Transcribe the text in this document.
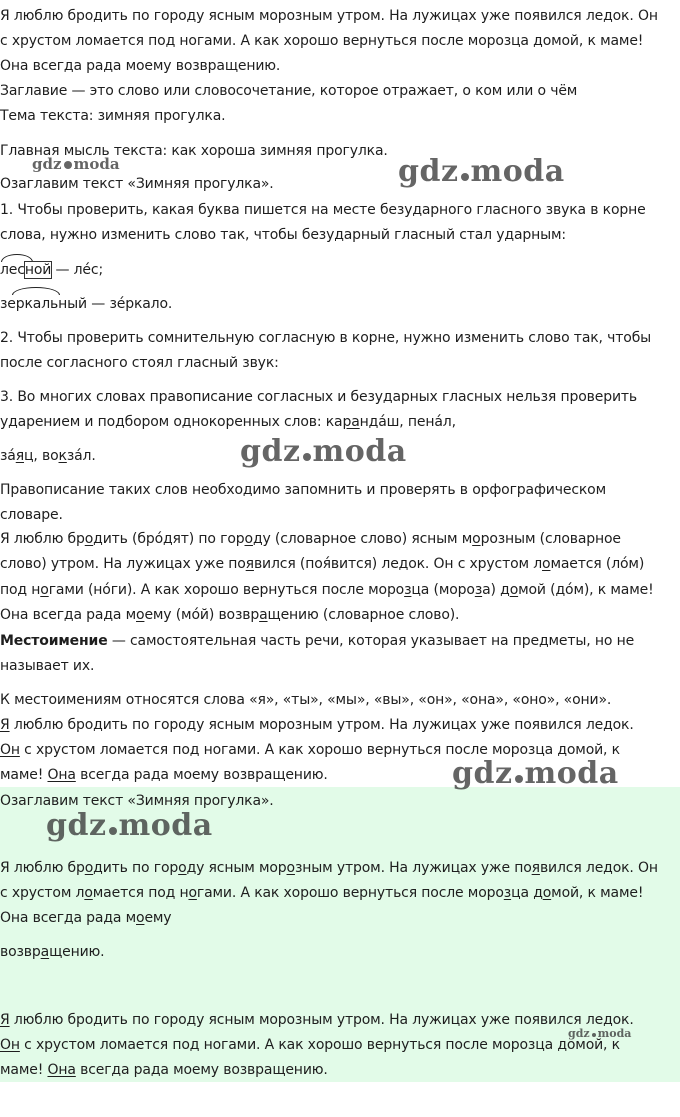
gdz moda	gdz moda
gdz moda
gdz moda
gdz moda
gdz moda
Я люблю бродить по городу ясным морозным утром. На лужицах уже появился ледок. Он
с хрустом ломается под ногами. А как хорошо вернуться после морозца домой, к маме!
Она всегда рада моему возвращению.
Заглавие — это слово или словосочетание, которое отражает, о ком или о чём
Тема текста: зимняя прогулка.
Главная мысль текста: как хороша зимняя прогулка.
Озаглавим текст «Зимняя прогулка».
1. Чтобы проверить, какая буква пишется на месте безударного гласного звука в корне
слова, нужно изменить слово так, чтобы безударный гласный стал ударным:
лесной — ле́с;
зеркальный — зе́ркало.
2. Чтобы проверить сомнительную согласную в корне, нужно изменить слово так, чтобы
после согласного стоял гласный звук:
3. Во многих словах правописание согласных и безударных гласных нельзя проверить
ударением и подбором однокоренных слов: каранда́ш, пена́л,
за́яц, вокза́л.
Правописание таких слов необходимо запомнить и проверять в орфографическом
словаре.
Я люблю бродить (бро́дят) по городу (словарное слово) ясным морозным (словарное
слово) утром. На лужицах уже появился (поя́вится) ледок. Он с хрустом ломается (ло́м)
под ногами (но́ги). А как хорошо вернуться после морозца (мороза) домой (до́м), к маме!
Она всегда рада моему (мо́й) возвращению (словарное слово).
Местоимение — самостоятельная часть речи, которая указывает на предметы, но не
называет их.
К местоимениям относятся слова «я», «ты», «мы», «вы», «он», «она», «оно», «они».
Я люблю бродить по городу ясным морозным утром. На лужицах уже появился ледок.
Он с хрустом ломается под ногами. А как хорошо вернуться после морозца домой, к
маме! Она всегда рада моему возвращению.
Озаглавим текст «Зимняя прогулка».
Я люблю бродить по городу ясным морозным утром. На лужицах уже появился ледок. Он
с хрустом ломается под ногами. А как хорошо вернуться после морозца домой, к маме!
Она всегда рада моему
возвращению.
Я люблю бродить по городу ясным морозным утром. На лужицах уже появился ледок.
Он с хрустом ломается под ногами. А как хорошо вернуться после морозца домой, к
маме! Она всегда рада моему возвращению.
